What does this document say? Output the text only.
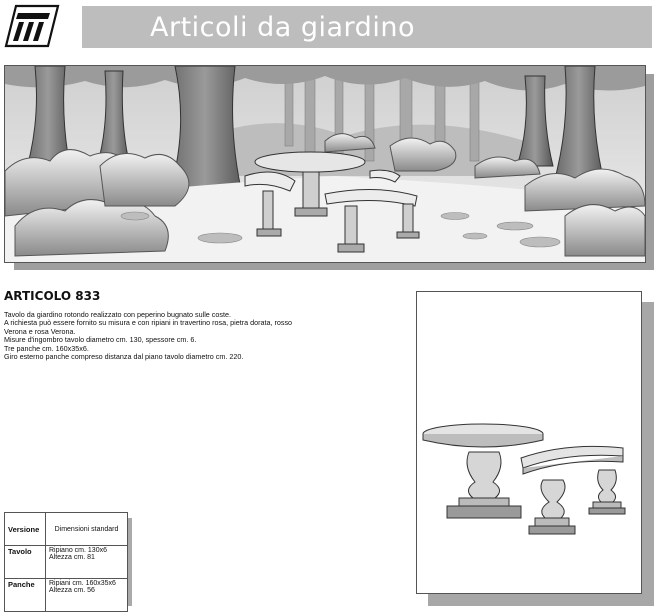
Articoli da giardino
ARTICOLO 833
Tavolo da giardino rotondo realizzato con peperino bugnato sulle coste.
A richiesta può essere fornito su misura e con ripiani in travertino rosa, pietra dorata, rosso
Verona e rosa Verona.
Misure d'ingombro tavolo diametro cm. 130, spessore cm. 6.
Tre panche cm. 160x35x6.
Giro esterno panche compreso distanza dal piano tavolo diametro cm. 220.
Versione	Dimensioni standard
Tavolo	Ripiano cm. 130x6
Altezza cm. 81

Panche	Ripiani cm. 160x35x6
Altezza cm. 56
